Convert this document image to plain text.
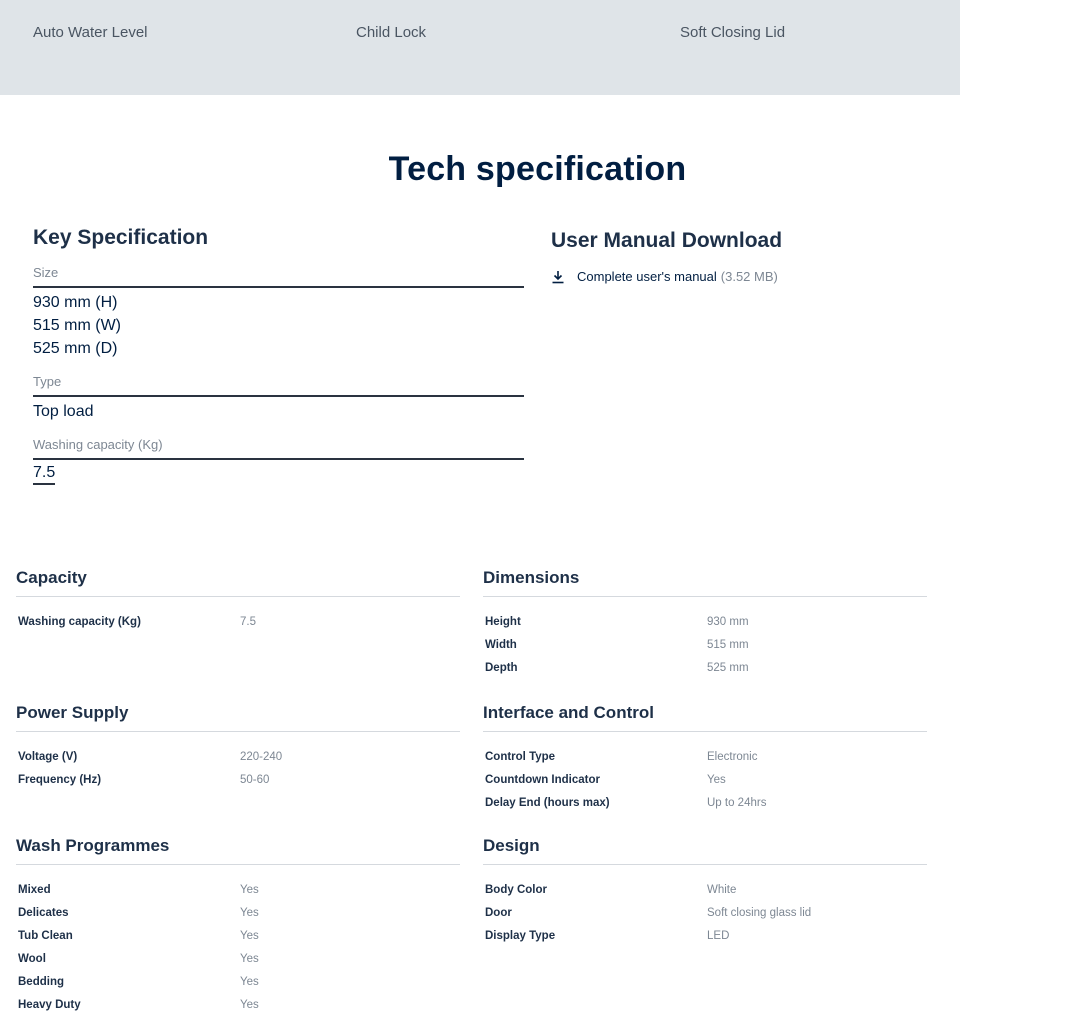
Auto Water Level	Child Lock	Soft Closing Lid
Tech specification
Key Specification
Size
930 mm (H)
515 mm (W)
525 mm (D)
Type
Top load
Washing capacity (Kg)
7.5
User Manual Download
Complete user's manual (3.52 MB)
Capacity
Washing capacity (Kg)	7.5
Dimensions
Height	930 mm
Width	515 mm
Depth	525 mm
Power Supply
Voltage (V)	220-240
Frequency (Hz)	50-60
Interface and Control
Control Type	Electronic
Countdown Indicator	Yes
Delay End (hours max)	Up to 24hrs
Wash Programmes
Mixed	Yes
Delicates	Yes
Tub Clean	Yes
Wool	Yes
Bedding	Yes
Heavy Duty	Yes
Design
Body Color	White
Door	Soft closing glass lid
Display Type	LED
